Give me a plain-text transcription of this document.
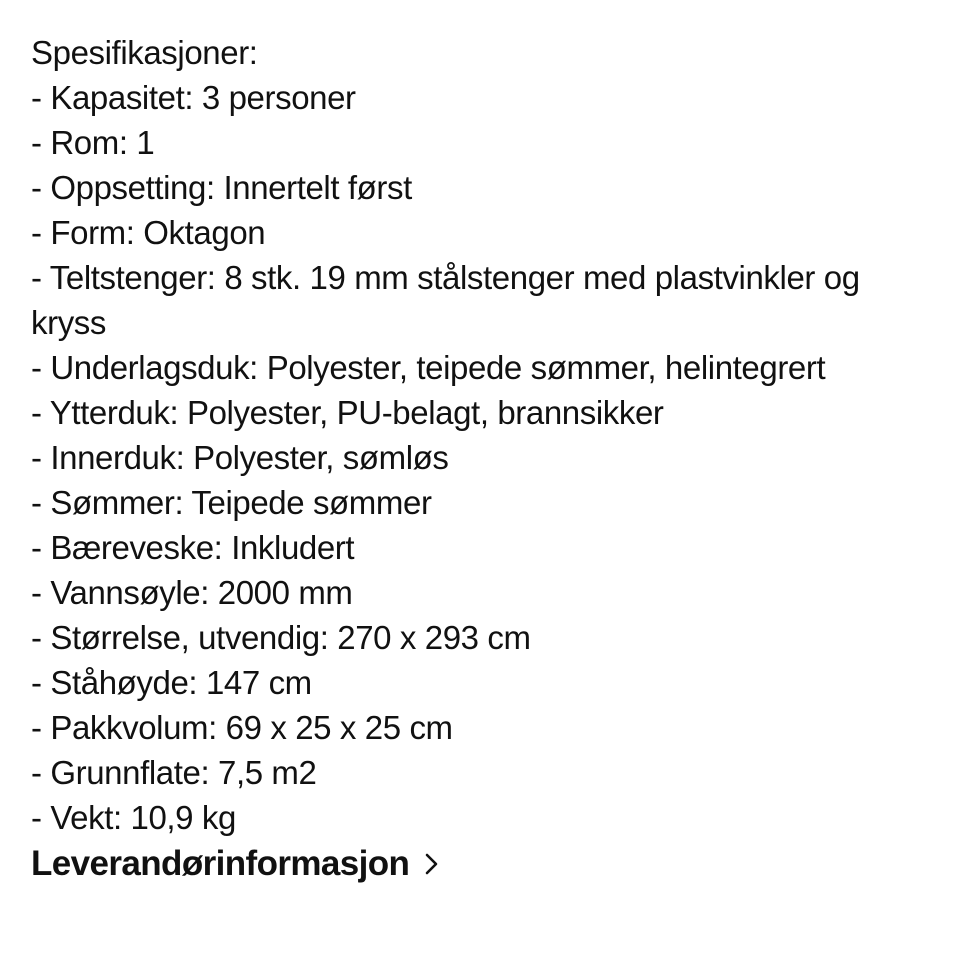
Spesifikasjoner:
- Kapasitet: 3 personer
- Rom: 1
- Oppsetting: Innertelt først
- Form: Oktagon
- Teltstenger: 8 stk. 19 mm stålstenger med plastvinkler og kryss
- Underlagsduk: Polyester, teipede sømmer, helintegrert
- Ytterduk: Polyester, PU-belagt, brannsikker
- Innerduk: Polyester, sømløs
- Sømmer: Teipede sømmer
- Bæreveske: Inkludert
- Vannsøyle: 2000 mm
- Størrelse, utvendig: 270 x 293 cm
- Ståhøyde: 147 cm
- Pakkvolum: 69 x 25 x 25 cm
- Grunnflate: 7,5 m2
- Vekt: 10,9 kg
Leverandørinformasjon
